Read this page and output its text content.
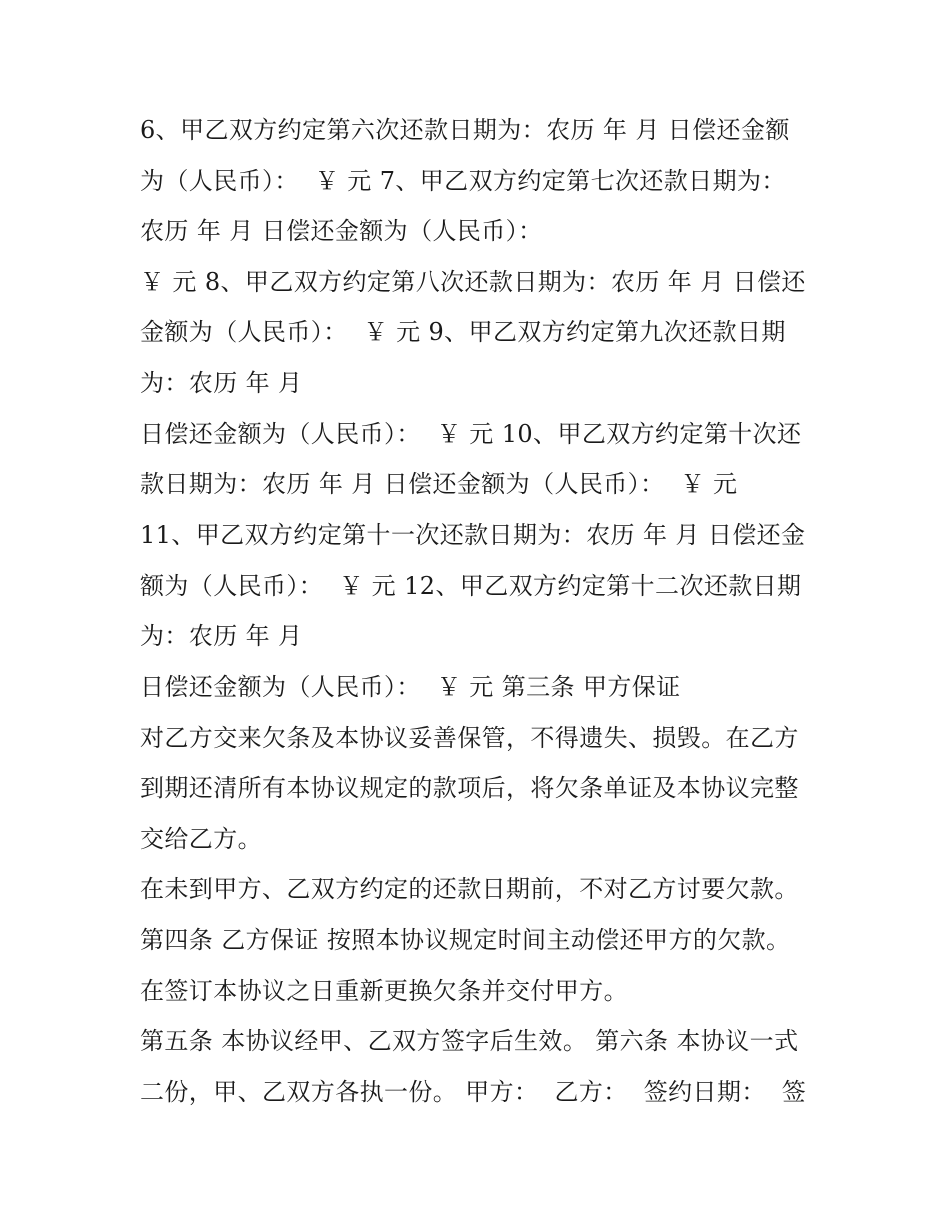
6、甲乙双方约定第六次还款日期为：农历 年 月 日偿还金额

为（人民币）：  ￥ 元 7、甲乙双方约定第七次还款日期为：

农历 年 月 日偿还金额为（人民币）：

￥ 元 8、甲乙双方约定第八次还款日期为：农历 年 月 日偿还

金额为（人民币）：  ￥ 元 9、甲乙双方约定第九次还款日期

为：农历 年 月

日偿还金额为（人民币）：  ￥ 元 10、甲乙双方约定第十次还

款日期为：农历 年 月 日偿还金额为（人民币）：  ￥ 元

11、甲乙双方约定第十一次还款日期为：农历 年 月 日偿还金

额为（人民币）：  ￥ 元 12、甲乙双方约定第十二次还款日期

为：农历 年 月

日偿还金额为（人民币）：  ￥ 元 第三条 甲方保证

对乙方交来欠条及本协议妥善保管，不得遗失、损毁。在乙方

到期还清所有本协议规定的款项后，将欠条单证及本协议完整

交给乙方。

在未到甲方、乙双方约定的还款日期前，不对乙方讨要欠款。

第四条 乙方保证 按照本协议规定时间主动偿还甲方的欠款。

在签订本协议之日重新更换欠条并交付甲方。

第五条 本协议经甲、乙双方签字后生效。 第六条 本协议一式

二份，甲、乙双方各执一份。 甲方：  乙方：  签约日期：  签
